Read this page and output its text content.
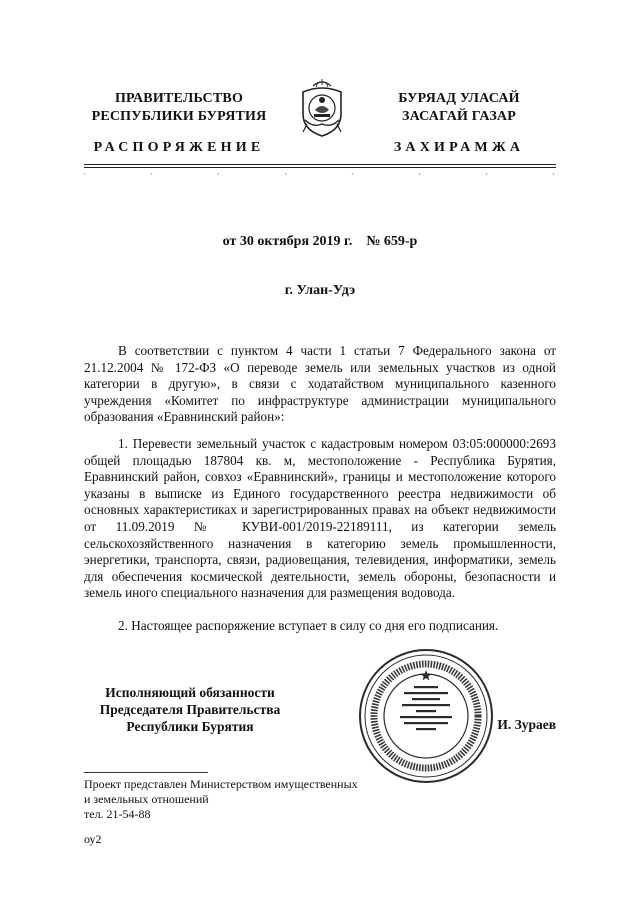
ПРАВИТЕЛЬСТВО
РЕСПУБЛИКИ БУРЯТИЯ
БУРЯАД УЛАСАЙ
ЗАСАГАЙ ГАЗАР
РАСПОРЯЖЕНИЕ	ЗАХИРАМЖА
от 30 октября 2019 г.    № 659-р
г. Улан-Удэ
В соответствии с пунктом 4 части 1 статьи 7 Федерального закона от 21.12.2004 № 172-ФЗ «О переводе земель или земельных участков из одной категории в другую», в связи с ходатайством муниципального казенного учреждения «Комитет по инфраструктуре администрации муниципального образования «Еравнинский район»:
1. Перевести земельный участок с кадастровым номером 03:05:000000:2693 общей площадью 187804 кв. м, местоположение - Республика Бурятия, Еравнинский район, совхоз «Еравнинский», границы и местоположение которого указаны в выписке из Единого государственного реестра недвижимости об основных характеристиках и зарегистрированных правах на объект недвижимости от 11.09.2019 № КУВИ-001/2019-22189111, из категории земель сельскохозяйственного назначения в категорию земель промышленности, энергетики, транспорта, связи, радиовещания, телевидения, информатики, земель для обеспечения космической деятельности, земель обороны, безопасности и земель иного специального назначения для размещения водовода.
2. Настоящее распоряжение вступает в силу со дня его подписания.
Исполняющий обязанности
Председателя Правительства
Республики Бурятия	И. Зураев
Проект представлен Министерством имущественных
и земельных отношений
тел. 21-54-88
оу2
